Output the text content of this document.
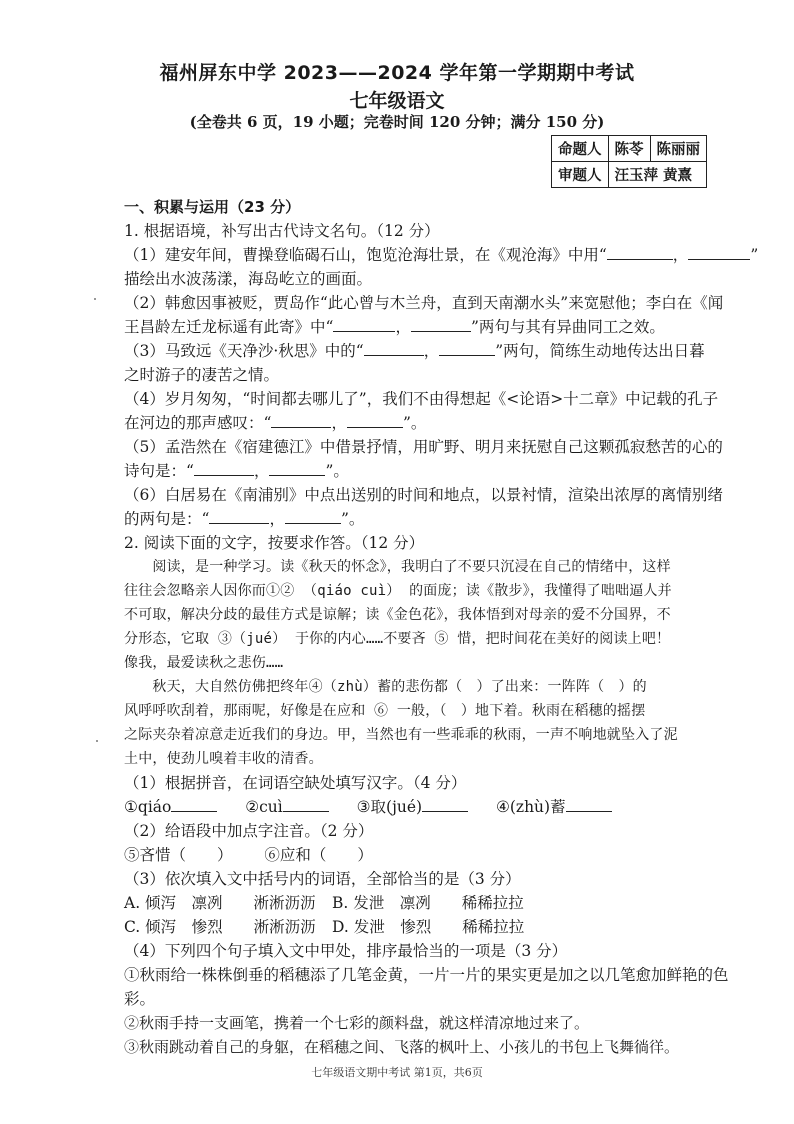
福州屏东中学 2023——2024 学年第一学期期中考试
七年级语文
(全卷共 6 页，19 小题；完卷时间 120 分钟；满分 150 分)
命题人	陈苓	陈丽丽
审题人	汪玉萍 黄熹	
一、积累与运用（23 分）
1. 根据语境，补写出古代诗文名句。（12 分）
（1）建安年间，曹操登临碣石山，饱览沧海壮景，在《观沧海》中用“	，	”
描绘出水波荡漾，海岛屹立的画面。
（2）韩愈因事被贬，贾岛作“此心曾与木兰舟，直到天南潮水头”来宽慰他；李白在《闻
王昌龄左迁龙标遥有此寄》中“	，	”两句与其有异曲同工之效。
（3）马致远《天净沙·秋思》中的“	，	”两句，简练生动地传达出日暮
之时游子的凄苦之情。
（4）岁月匆匆，“时间都去哪儿了”，我们不由得想起《<论语>十二章》中记载的孔子
在河边的那声感叹：“	，	”。
（5）孟浩然在《宿建德江》中借景抒情，用旷野、明月来抚慰自己这颗孤寂愁苦的心的
诗句是：“	，	”。
（6）白居易在《南浦别》中点出送别的时间和地点，以景衬情，渲染出浓厚的离情别绪
的两句是：“	，	”。
2. 阅读下面的文字，按要求作答。（12 分）
　　阅读，是一种学习。读《秋天的怀念》，我明白了不要只沉浸在自己的情绪中，这样
往往会忽略亲人因你而①② （qiáo cuì） 的面庞；读《散步》，我懂得了咄咄逼人并
不可取，解决分歧的最佳方式是谅解；读《金色花》，我体悟到对母亲的爱不分国界，不
分形态，它取 ③（jué） 于你的内心……不要吝 ⑤ 惜，把时间花在美好的阅读上吧！
像我，最爱读秋之悲伤……
　　秋天，大自然仿佛把终年④（zhù）蓄的悲伤都（　）了出来：一阵阵（　）的
风呼呼吹刮着，那雨呢，好像是在应和 ⑥ 一般，（　）地下着。秋雨在稻穗的摇摆
之际夹杂着凉意走近我们的身边。甲，当然也有一些乖乖的秋雨，一声不响地就坠入了泥
土中，使劲儿嗅着丰收的清香。
（1）根据拼音，在词语空缺处填写汉字。（4 分）
①qiáo	②cuì	③取(jué)	④(zhù)蓄
（2）给语段中加点字注音。（2 分）
⑤吝惜（　　） ⑥应和（　　）
（3）依次填入文中括号内的词语，全部恰当的是（3 分）
A. 倾泻　凛冽　　淅淅沥沥 B. 发泄　凛冽　　稀稀拉拉
C. 倾泻　惨烈　　淅淅沥沥 D. 发泄　惨烈　　稀稀拉拉
（4）下列四个句子填入文中甲处，排序最恰当的一项是（3 分）
①秋雨给一株株倒垂的稻穗添了几笔金黄，一片一片的果实更是加之以几笔愈加鲜艳的色
彩。
②秋雨手持一支画笔，携着一个七彩的颜料盘，就这样清凉地过来了。
③秋雨跳动着自己的身躯，在稻穗之间、飞落的枫叶上、小孩儿的书包上飞舞徜徉。
七年级语文期中考试 第1页，共6页
